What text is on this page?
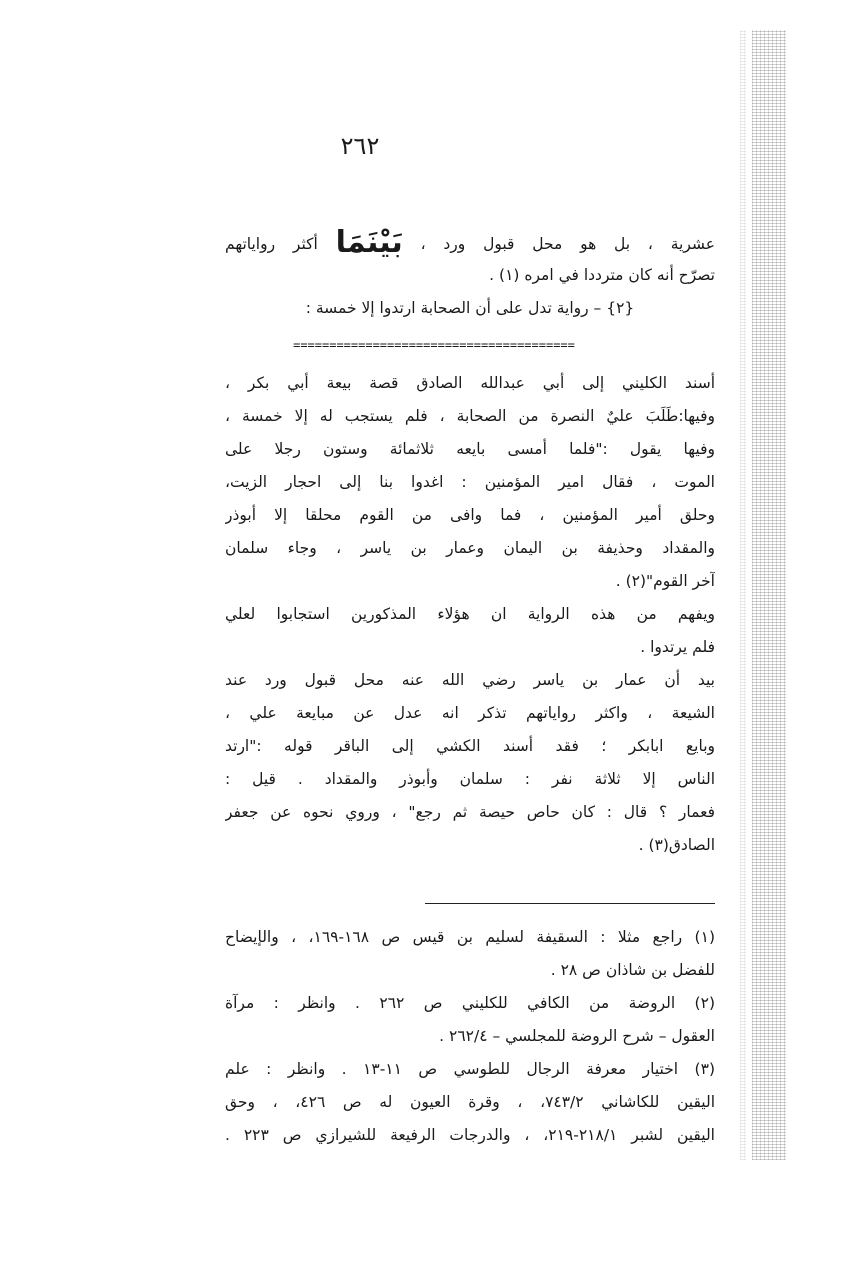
٢٦٢
عشرية ، بل هو محل قبول ورد ، بَيْنَمَا أكثر رواياتهم
تصرّح أنه كان مترددا في امره (١) .
{٢} – رواية تدل على أن الصحابة ارتدوا إلا خمسة :
=======================================
أسند الكليني إلى أبي عبدالله الصادق قصة بيعة أبي بكر ،
وفيها:طَلَبَ عليٌ النصرة من الصحابة ، فلم يستجب له إلا خمسة ،
وفيها يقول :"فلما أمسى بايعه ثلاثمائة وستون رجلا على
الموت ، فقال امير المؤمنين : اغدوا بنا إلى احجار الزيت،
وحلق أمير المؤمنين ، فما وافى من القوم محلقا إلا أبوذر
والمقداد وحذيفة بن اليمان وعمار بن ياسر ، وجاء سلمان
آخر القوم"(٢) .
ويفهم من هذه الرواية ان هؤلاء المذكورين استجابوا لعلي
فلم يرتدوا .
بيد أن عمار بن ياسر رضي الله عنه محل قبول ورد عند
الشيعة ، واكثر رواياتهم تذكر انه عدل عن مبايعة علي ،
وبايع ابابكر ؛ فقد أسند الكشي إلى الباقر قوله :"ارتد
الناس إلا ثلاثة نفر : سلمان وأبوذر والمقداد . قيل :
فعمار ؟ قال : كان حاص حيصة ثم رجع" ، وروي نحوه عن جعفر
الصادق(٣) .
(١) راجع مثلا : السقيفة لسليم بن قيس ص ١٦٨-١٦٩، ، والإيضاح
للفضل بن شاذان ص ٢٨ .
(٢) الروضة من الكافي للكليني ص ٢٦٢ . وانظر : مرآة
العقول – شرح الروضة للمجلسي – ٢٦٢/٤ .
(٣) اختيار معرفة الرجال للطوسي ص ١١-١٣ . وانظر : علم
اليقين للكاشاني ٧٤٣/٢، ، وقرة العيون له ص ٤٢٦، ، وحق
اليقين لشبر ٢١٨/١-٢١٩، ، والدرجات الرفيعة للشيرازي ص ٢٢٣ .
